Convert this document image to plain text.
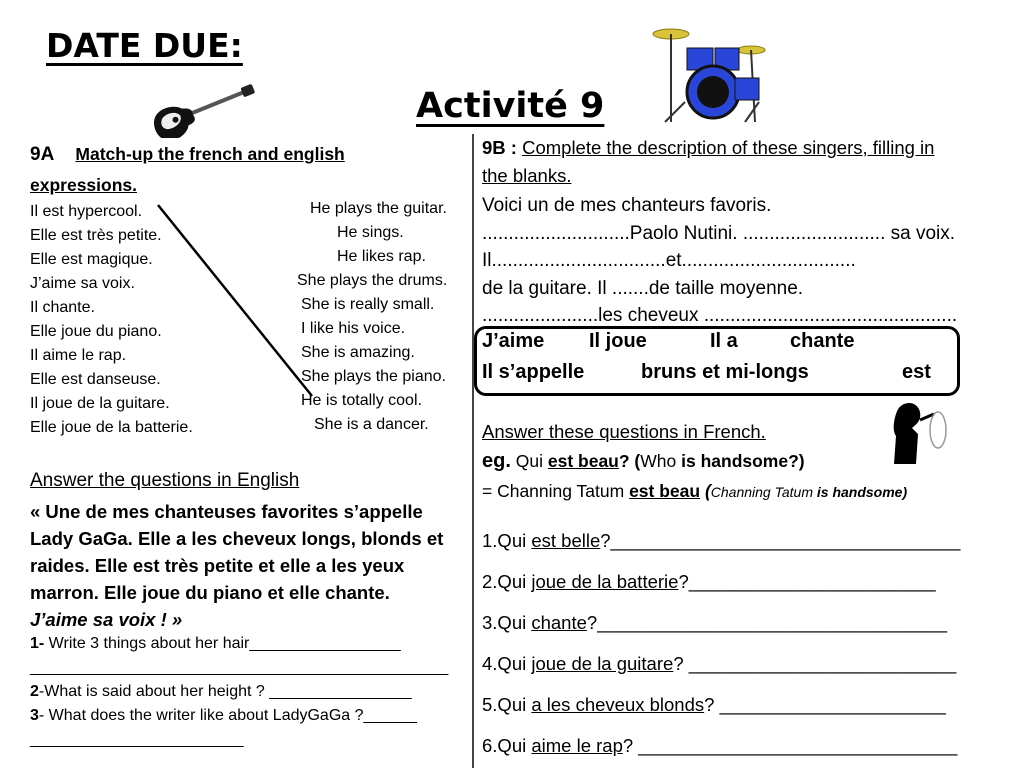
DATE DUE:
Activité 9
9A Match-up the french and english
expressions.
Il est hypercool.
Elle est très petite.
Elle est magique.
J’aime sa voix.
Il chante.
Elle joue du piano.
Il aime le rap.
Elle est danseuse.
Il joue de la guitare.
Elle joue de la batterie.
He plays the guitar.
He sings.
He likes rap.
She plays the drums.
She is really small.
I like his voice.
She is amazing.
She plays the piano.
He is totally cool.
She is a dancer.
Answer the questions in English
« Une de mes chanteuses favorites s’appelle
Lady GaGa. Elle a les cheveux longs, blonds et
raides. Elle est très petite et elle a les yeux
marron. Elle joue du piano et elle chante.
J’aime sa voix ! »
1- Write 3 things about her hair_________________
_______________________________________________
2-What is said about her height ? ________________
3- What does the writer like about LadyGaGa ?______
________________________
9B : Complete the description of these singers, filling in
the blanks.
Voici un de mes chanteurs favoris.
............................Paolo Nutini. ........................... sa voix.
Il.................................et.................................
de la guitare. Il .......de taille moyenne.
......................les cheveux ................................................
J’aime Il joue	Il a	chante
Il s’appelle	bruns et mi-longs	est
Answer these questions in French.
eg. Qui est beau? (Who is handsome?)
= Channing Tatum est beau (Channing Tatum is handsome)
1.Qui est belle?__________________________________
2.Qui joue de la batterie?________________________
3.Qui chante?__________________________________
4.Qui joue de la guitare? __________________________
5.Qui a les cheveux blonds? ______________________
6.Qui aime le rap? _______________________________
